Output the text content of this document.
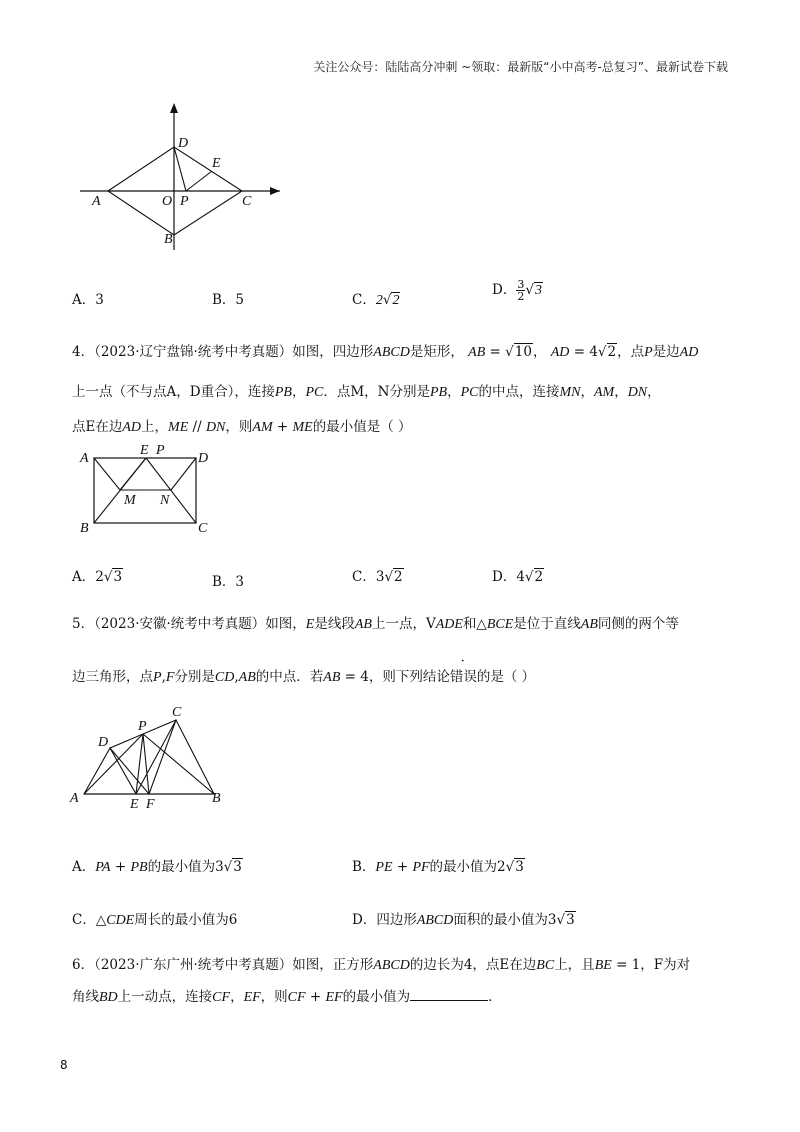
关注公众号：陆陆高分冲刺 ~领取：最新版“小中高考-总复习”、最新试卷下载
A	O P	C
D
E
B
A．3	B．5	C．2√2
D． $\frac{3}{2} √3$
4．（2023·辽宁盘锦·统考中考真题）如图，四边形ABCD是矩形， AB = √10， AD = 4√2，点P是边AD
上一点（不与点A，D重合），连接PB，PC．点M，N分别是PB，PC的中点，连接MN，AM，DN，
点E在边AD上，ME // DN，则AM + ME的最小值是（ ）
A
E P
D
M N
B	C
A．2√3	B．3	C．3√2	D．4√2
5．（2023·安徽·统考中考真题）如图，E是线段AB上一点，VADE和△BCE是位于直线AB同侧的两个等
边三角形，点P,F分别是CD,AB的中点．若AB = 4，则下列结论错误的是（ ）
C
P
D
A	E F	B
A．PA + PB的最小值为3√3	B．PE + PF的最小值为2√3
C．△CDE周长的最小值为6	D．四边形ABCD面积的最小值为3√3
6．（2023·广东广州·统考中考真题）如图，正方形ABCD的边长为4，点E在边BC上，且BE = 1，F为对
角线BD上一动点，连接CF，EF，则CF + EF的最小值为	．
8
